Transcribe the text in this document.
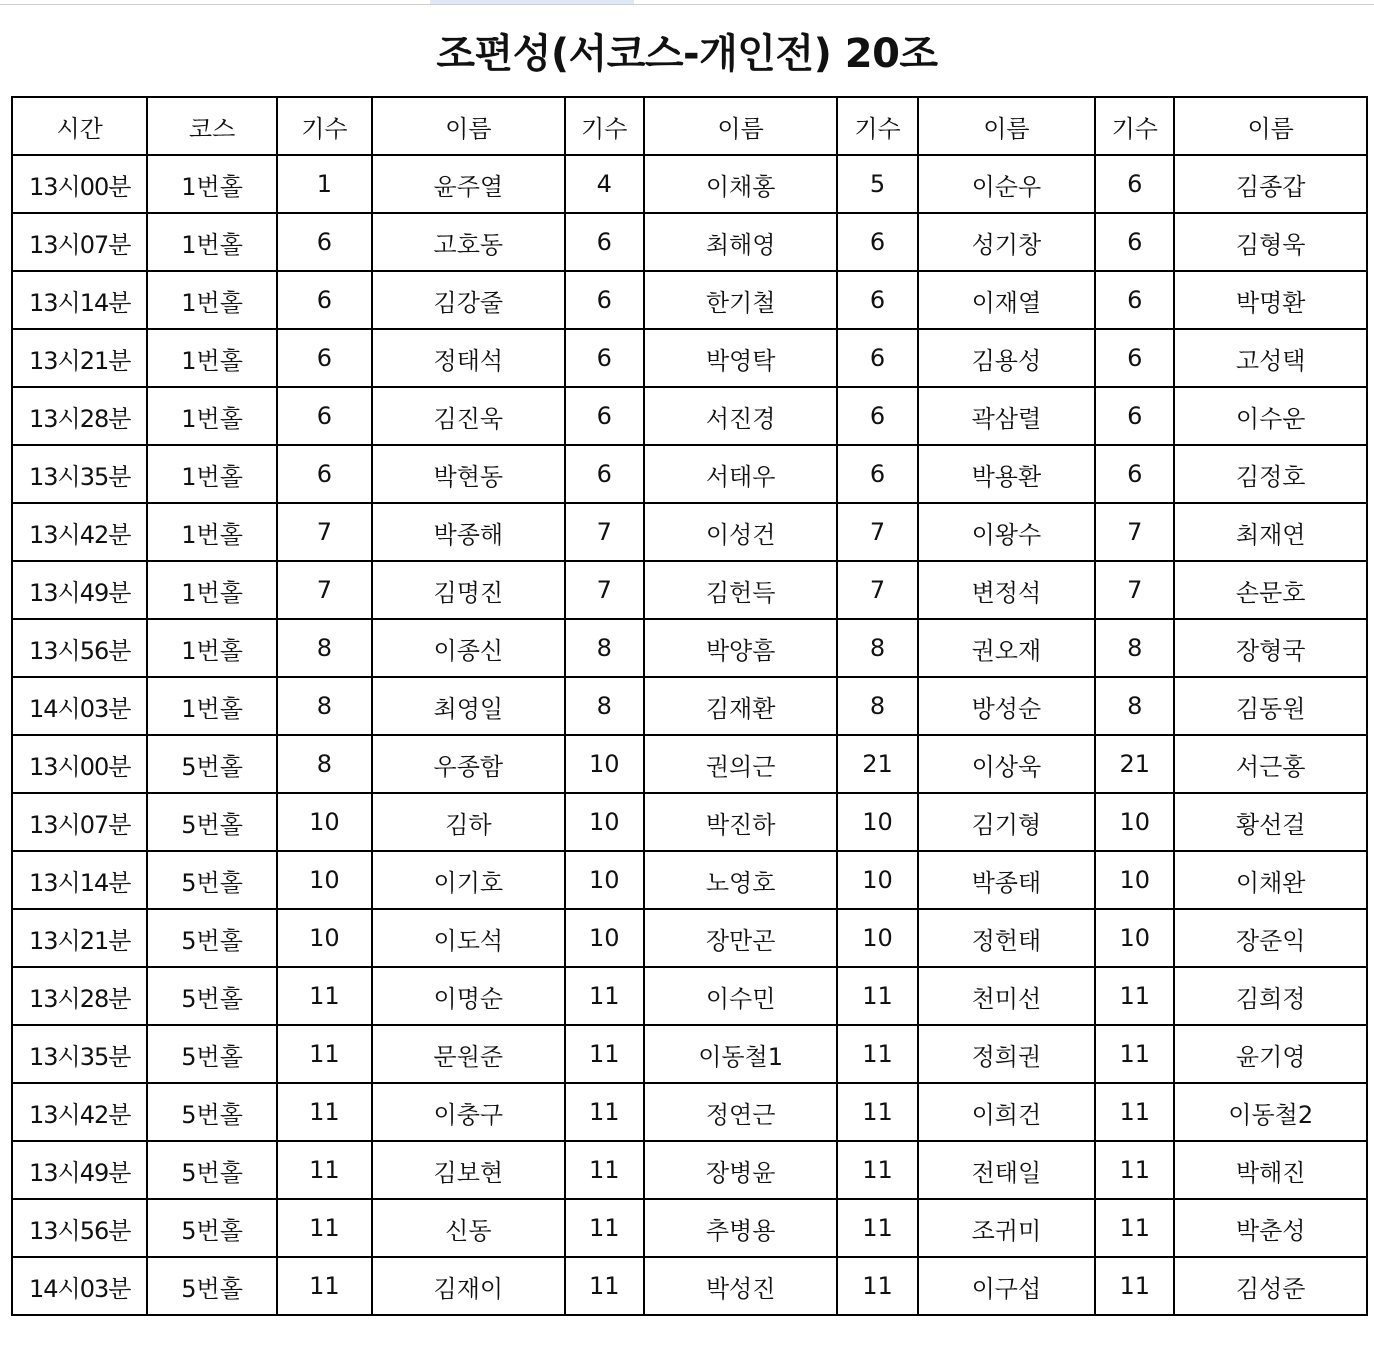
조편성(서코스-개인전) 20조
시간	코스	기수	이름	기수	이름	기수	이름	기수	이름
13시00분	1번홀	1	윤주열	4	이채홍	5	이순우	6	김종갑
13시07분	1번홀	6	고호동	6	최해영	6	성기창	6	김형욱
13시14분	1번홀	6	김강줄	6	한기철	6	이재열	6	박명환
13시21분	1번홀	6	정태석	6	박영탁	6	김용성	6	고성택
13시28분	1번홀	6	김진욱	6	서진경	6	곽삼렬	6	이수운
13시35분	1번홀	6	박현동	6	서태우	6	박용환	6	김정호
13시42분	1번홀	7	박종해	7	이성건	7	이왕수	7	최재연
13시49분	1번홀	7	김명진	7	김헌득	7	변정석	7	손문호
13시56분	1번홀	8	이종신	8	박양흠	8	권오재	8	장형국
14시03분	1번홀	8	최영일	8	김재환	8	방성순	8	김동원
13시00분	5번홀	8	우종함	10	권의근	21	이상욱	21	서근홍
13시07분	5번홀	10	김하	10	박진하	10	김기형	10	황선걸
13시14분	5번홀	10	이기호	10	노영호	10	박종태	10	이채완
13시21분	5번홀	10	이도석	10	장만곤	10	정헌태	10	장준익
13시28분	5번홀	11	이명순	11	이수민	11	천미선	11	김희정
13시35분	5번홀	11	문원준	11	이동철1	11	정희권	11	윤기영
13시42분	5번홀	11	이충구	11	정연근	11	이희건	11	이동철2
13시49분	5번홀	11	김보현	11	장병윤	11	전태일	11	박해진
13시56분	5번홀	11	신동	11	추병용	11	조귀미	11	박춘성
14시03분	5번홀	11	김재이	11	박성진	11	이구섭	11	김성준
